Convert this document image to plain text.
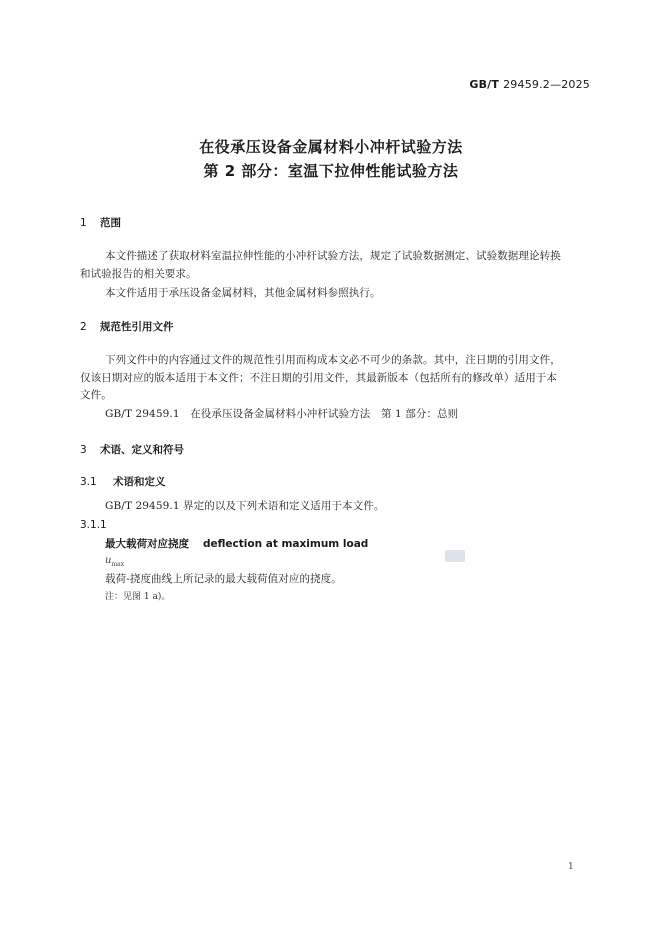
GB/T 29459.2—2025
在役承压设备金属材料小冲杆试验方法
第 2 部分：室温下拉伸性能试验方法
1 范围
本文件描述了获取材料室温拉伸性能的小冲杆试验方法，规定了试验数据测定、试验数据理论转换
和试验报告的相关要求。
本文件适用于承压设备金属材料，其他金属材料参照执行。
2 规范性引用文件
下列文件中的内容通过文件的规范性引用而构成本文必不可少的条款。其中，注日期的引用文件，
仅该日期对应的版本适用于本文件；不注日期的引用文件，其最新版本（包括所有的修改单）适用于本
文件。
GB/T 29459.1　在役承压设备金属材料小冲杆试验方法　第 1 部分：总则
3 术语、定义和符号
3.1 术语和定义
GB/T 29459.1 界定的以及下列术语和定义适用于本文件。
3.1.1
最大载荷对应挠度 deflection at maximum load
$u_{max}$
载荷-挠度曲线上所记录的最大载荷值对应的挠度。
注：见图 1 a)。
1
